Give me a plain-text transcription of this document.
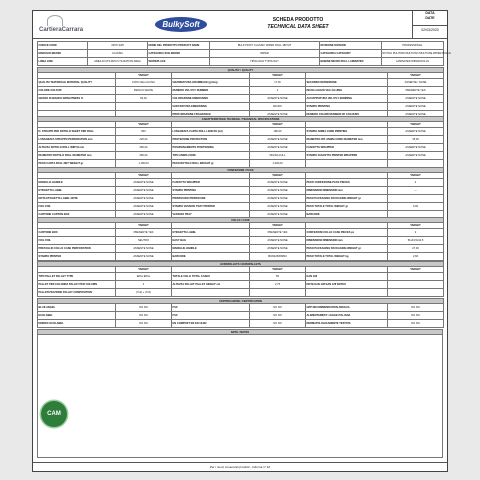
CartieraCarrara
BulkySoft	SCHEDA PRODOTTO
TECHNICAL DATA SHEET
DATA
DATE
02/03/2020
CODICE CODE	15977.E05	NOME DEL PRODOTTO PRODUCT NAME	BULKYSOFT CLASSIC WIPER ROLL 180 MT	DIVISIONE DIVISION	PROFESSIONAL
MARCHIO BRAND	CLASSIC	CATEGORIA SUB BRAND	WIPER	CATEGORIA CATEGORY	ROTOLI PULITORI MULTIUSO MULTIUSE WIPER ROLLS
LINEA LINE	AREA DI UTILIZZO UTILIZATION AREA	WORKPLACE	TIPOLOGIA TYPOLOGY	BOBINE MICRO ROLL LAMINATED	LAMINATED WIPER ROLLS
QUALITA' / QUALITY					
	TARGET		TARGET		TARGET
QUALITA' MATERIALE MATERIAL QUALITY	100% CELLULOSA	GRAMMATURA GRAMMAGE (gr/mq)	17,00	SECONDO DEFINIZIONE	ASSENTE / NONE
COLORE COLOUR	BIANCO WHITE	NUMERO VELI PLY NUMBER	2	INCOLLAGGIO VELI GLUING	PRESENTE YES
GRADO DI BIANCO BRIGHTNESS %	82,00	COLORAZIONE EMBOSSING	ASSENTE NONE	ACCOPPIATURA VELI PLY BONDING	ASSENTE NONE
		GOFFRATURA EMBOSSING	MICRO	STAMPA PRINTING	ASSENTE NONE
		PROFUMAZIONE FRAGRANCE	ASSENTE NONE	NUMERO COLORI NUMBER OF COLOURS	ASSENTE NONE
CARATTERISTICHE TECNICHE / TECHNICAL SPECIFICATIONS					
	TARGET		TARGET		TARGET
N. STRAPPI PER ROTOLO SHEET PER ROLL	800	LUNGHEZZA CARTA ROLL LENGTH (mt)	180,00	STAMPA ANIMA CORE PRINTING	ASSENTE NONE
LUNGHEZZA STRAPPO PERFORATION mm	225,00	PROTEZIONE PROTECTION	ASSENTE NONE	DIAMETRO INT. ANIMA CORE DIAMETER mm	45,00
ALTEZZA ROTOLO ROLL WIDTH mm	250,00	POSIZIONAMENTO POSITIONING	ASSENTE NONE	FASCETTA WRAPPER	ASSENTE NONE
DIAMETRO ROTOLO ROLL DIAMETER mm	250,00	TIPO ANIMA CORE	RIGIDA FULL	STAMPA FASCETTA PRINTED WRAPPER	ASSENTE NONE
PESO CARTA ROLL NET WEIGHT gr	1.190,00	PESO ROTOLO ROLL WEIGHT gr	1.230,00		
CONFEZIONE / PACK					
	TARGET		TARGET		TARGET
MANIGLIA HANDLE	ASSENTE NONE	FASCETTA WRAPPER	ASSENTE NONE	PEZZI CONFEZIONE PACK PIECES	2
ETICHETTA LABEL	ASSENTE NONE	STAMPA PRINTING	ASSENTE NONE	DIMENSIONI DIMENSION mm	---
NOTA ETICHETTA LABEL NOTE	ASSENTE NONE	PRINTGUIDO PRINTGUIDE	ASSENTE NONE	PESO PACKAGING PACKAGING WEIGHT gr	
FOIL FOIL	ASSENTE NONE	STAMPA VASSOIO TRAY PRINTED	ASSENTE NONE	PESO TOTALE TOTAL WEIGHT gr	0,00
CARTONE CARTON BOX	ASSENTE NONE	VASSOIO TRAY	ASSENTE NONE	BARCODE	
COLLO / CASE					
	TARGET		TARGET		TARGET
CARTONE BOX	PRESENTE YES	ETICHETTA LABEL	PRESENTE YES	CONFEZIONI COLLO CASE PIECES pz	2
FOIL FOIL	NEUTRO	EASY BAG	ASSENTE NONE	DIMENSIONI DIMENSION mm	51x43,5x42,5
PRETAGLIO COLLO CASE PERFORATION	ASSENTE NONE	MANIGLIE HANDLE	ASSENTE NONE	PESO PACKAGING PACKAGING WEIGHT gr	27,00
STAMPA PRINTED	ASSENTE NONE	BARCODE	8033426006816	PESO TOTALE TOTAL WEIGHT kg	2,66
EUROPALLETS / EUROPALLETS					
	TARGET		TARGET		TARGET
TIPO PALLET PALLET TYPE	EPAL EPAL	TOTALE COLLI TOTAL CASES	55	EAN 128	
PALLET PER COLONNA PALLET PER COLUMN	2	ALTEZZA PALLET PALLET HEIGHT cm	2,75	NOTE EAN 128 EAN 128 NOTES	
PALLETIZZAZIONE PALLET COMPOSITION	(7x4) + (7x4)				
CERTIFICAZIONI / CERTIFICATION					
BLUE ANGEL	NO NO	FSC	NO NO	GPP RECOMMENDATION ADEGUA	NO NO
ECOLABEL	NO NO	FSC	NO NO	ALIMENTARIETA' LEGGE ITALIANA	NO NO
NORDIC ECOLABEL	NO NO	EN COMPOST EN EN 13432	NO NO	DERMATOLOGICAMENTE TESTATA	NO NO
NOTE / NOTES

CAM
Per i nuovi conservati prodotti - Informa n° 10
